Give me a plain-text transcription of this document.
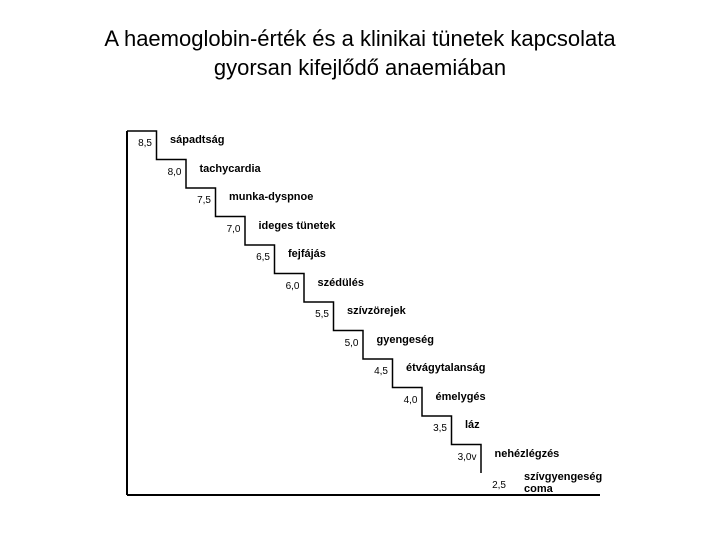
A haemoglobin-érték és a klinikai tünetek kapcsolata
gyorsan kifejlődő anaemiában
8,5 sápadtság
8,0 tachycardia
7,5 munka-dyspnoe
7,0 ideges tünetek
6,5 fejfájás
6,0 szédülés
5,5 szívzörejek
5,0 gyengeség
4,5 étvágytalanság
4,0 émelygés
3,5 láz
3,0v nehézlégzés
2,5
szívgyengeség coma
